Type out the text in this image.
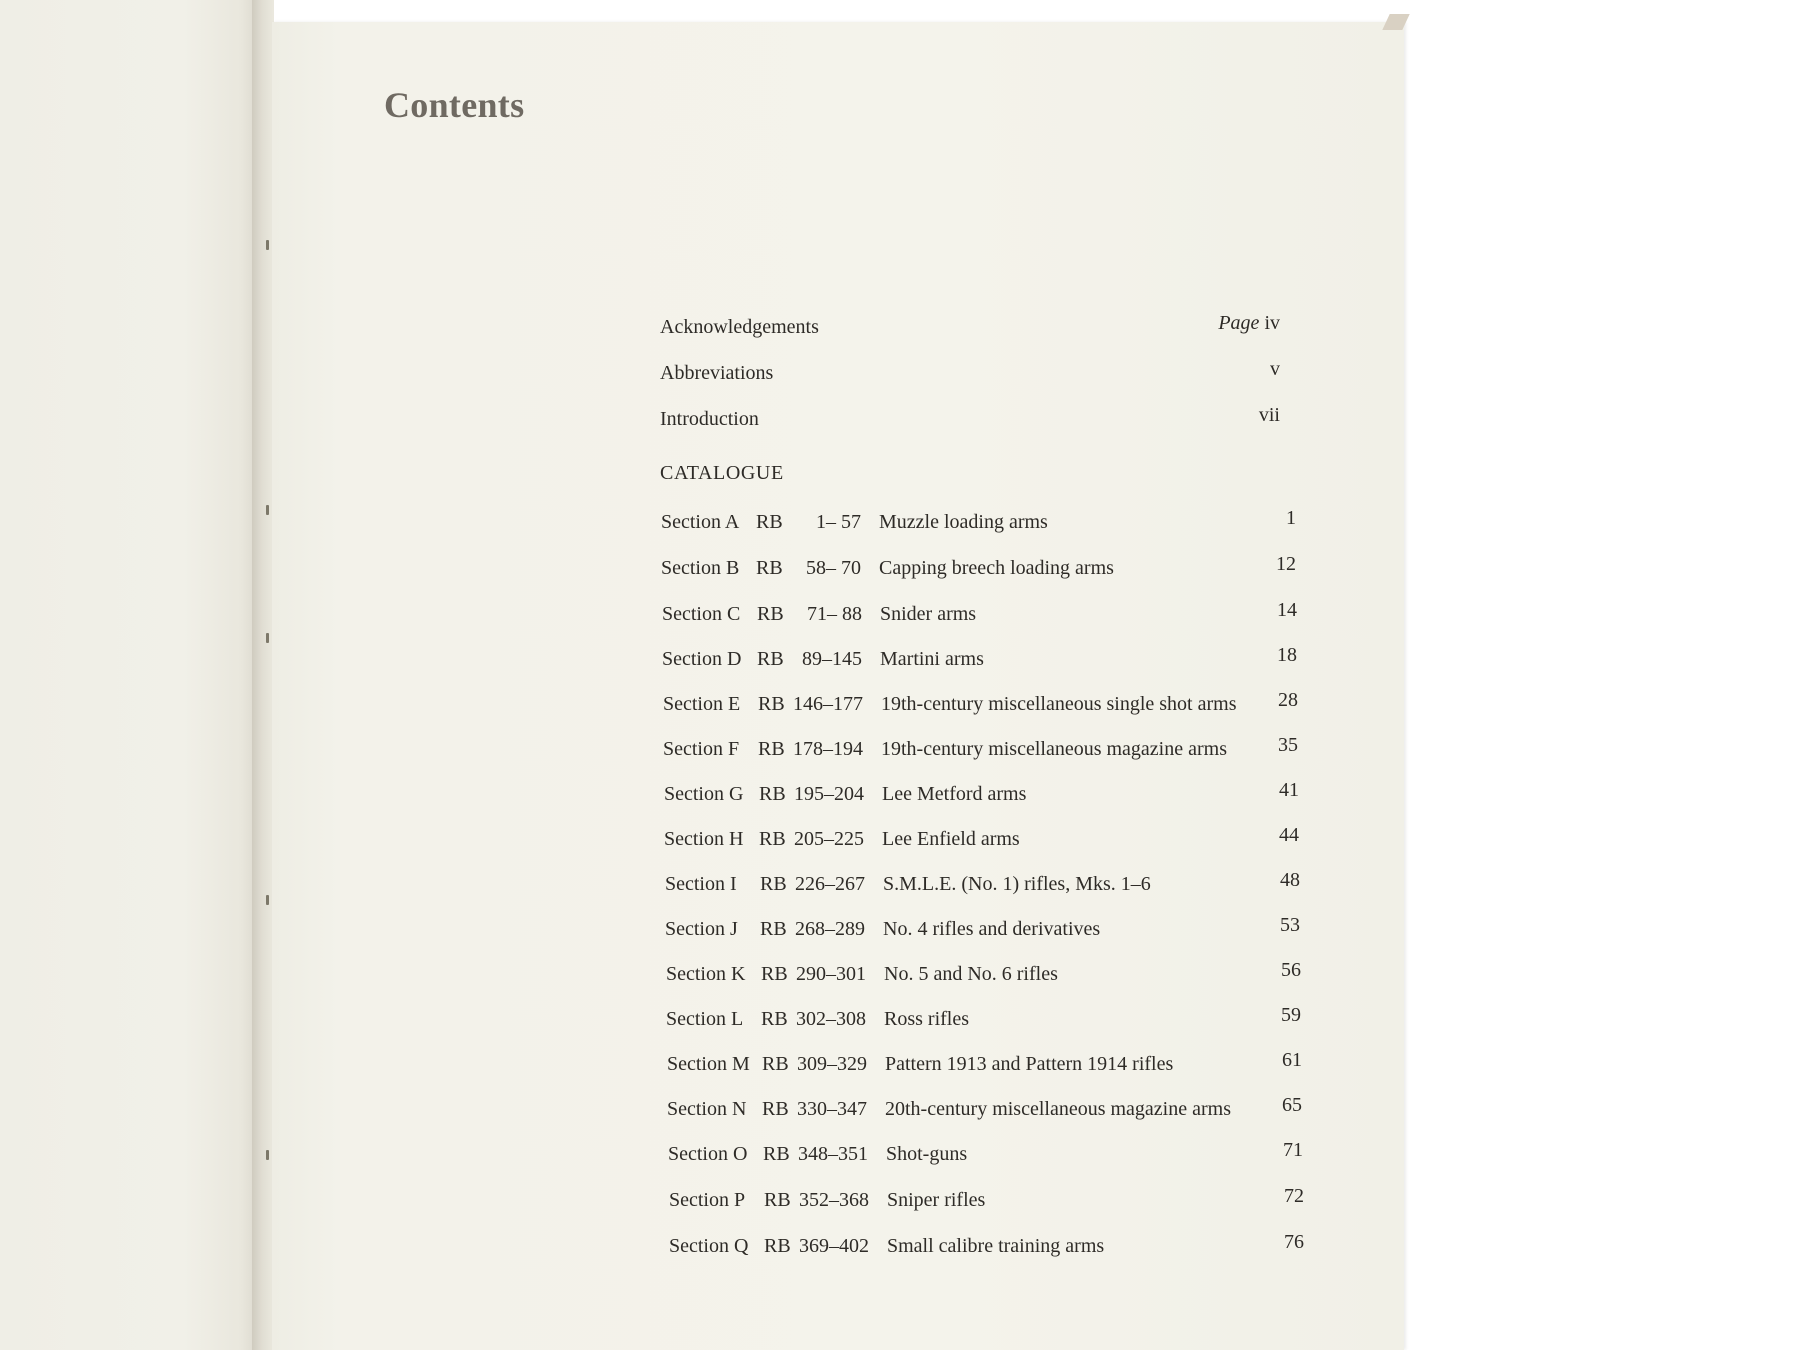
Contents
Acknowledgements	Page iv
Abbreviations	v
Introduction	vii
CATALOGUE
Section A RB	1– 57 Muzzle loading arms	1
Section B RB	58– 70 Capping breech loading arms	12
Section C RB	71– 88 Snider arms	14
Section D RB 89–145 Martini arms	18
Section E RB 146–177 19th-century miscellaneous single shot arms	28
Section F RB 178–194 19th-century miscellaneous magazine arms	35
Section G RB 195–204 Lee Metford arms	41
Section H RB 205–225 Lee Enfield arms	44
Section I RB 226–267 S.M.L.E. (No. 1) rifles, Mks. 1–6	48
Section J RB 268–289 No. 4 rifles and derivatives	53
Section K RB 290–301 No. 5 and No. 6 rifles	56
Section L RB 302–308 Ross rifles	59
Section M RB 309–329 Pattern 1913 and Pattern 1914 rifles	61
Section N RB 330–347 20th-century miscellaneous magazine arms	65
Section O RB 348–351 Shot-guns	71
Section P RB 352–368 Sniper rifles	72
Section Q RB 369–402 Small calibre training arms	76
